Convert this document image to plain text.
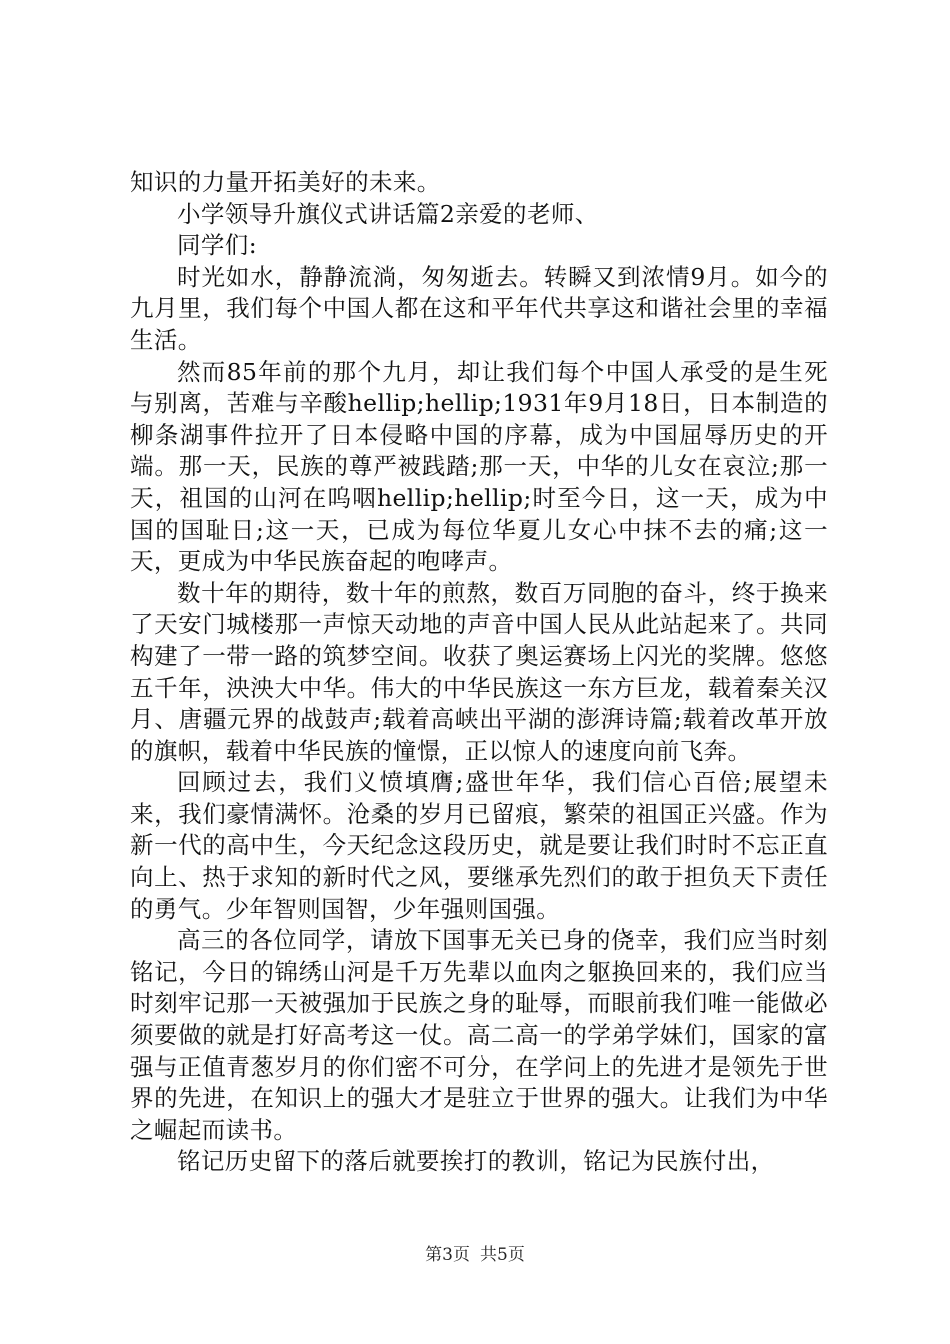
知识的力量开拓美好的未来。

小学领导升旗仪式讲话篇2亲爱的老师、

同学们:

时光如水，静静流淌，匆匆逝去。转瞬又到浓情9月。如今的九月里，我们每个中国人都在这和平年代共享这和谐社会里的幸福生活。

然而85年前的那个九月，却让我们每个中国人承受的是生死与别离，苦难与辛酸hellip;hellip;1931年9月18日，日本制造的柳条湖事件拉开了日本侵略中国的序幕，成为中国屈辱历史的开端。那一天，民族的尊严被践踏;那一天，中华的儿女在哀泣;那一天，祖国的山河在呜咽hellip;hellip;时至今日，这一天，成为中国的国耻日;这一天，已成为每位华夏儿女心中抹不去的痛;这一天，更成为中华民族奋起的咆哮声。

数十年的期待，数十年的煎熬，数百万同胞的奋斗，终于换来了天安门城楼那一声惊天动地的声音中国人民从此站起来了。共同构建了一带一路的筑梦空间。收获了奥运赛场上闪光的奖牌。悠悠五千年，泱泱大中华。伟大的中华民族这一东方巨龙，载着秦关汉月、唐疆元界的战鼓声;载着高峡出平湖的澎湃诗篇;载着改革开放的旗帜，载着中华民族的憧憬，正以惊人的速度向前飞奔。

回顾过去，我们义愤填膺;盛世年华，我们信心百倍;展望未来，我们豪情满怀。沧桑的岁月已留痕，繁荣的祖国正兴盛。作为新一代的高中生，今天纪念这段历史，就是要让我们时时不忘正直向上、热于求知的新时代之风，要继承先烈们的敢于担负天下责任的勇气。少年智则国智，少年强则国强。

高三的各位同学，请放下国事无关已身的侥幸，我们应当时刻铭记，今日的锦绣山河是千万先辈以血肉之躯换回来的，我们应当时刻牢记那一天被强加于民族之身的耻辱，而眼前我们唯一能做必须要做的就是打好高考这一仗。高二高一的学弟学妹们，国家的富强与正值青葱岁月的你们密不可分，在学问上的先进才是领先于世界的先进，在知识上的强大才是驻立于世界的强大。让我们为中华之崛起而读书。

铭记历史留下的落后就要挨打的教训，铭记为民族付出，

第3页 共5页
